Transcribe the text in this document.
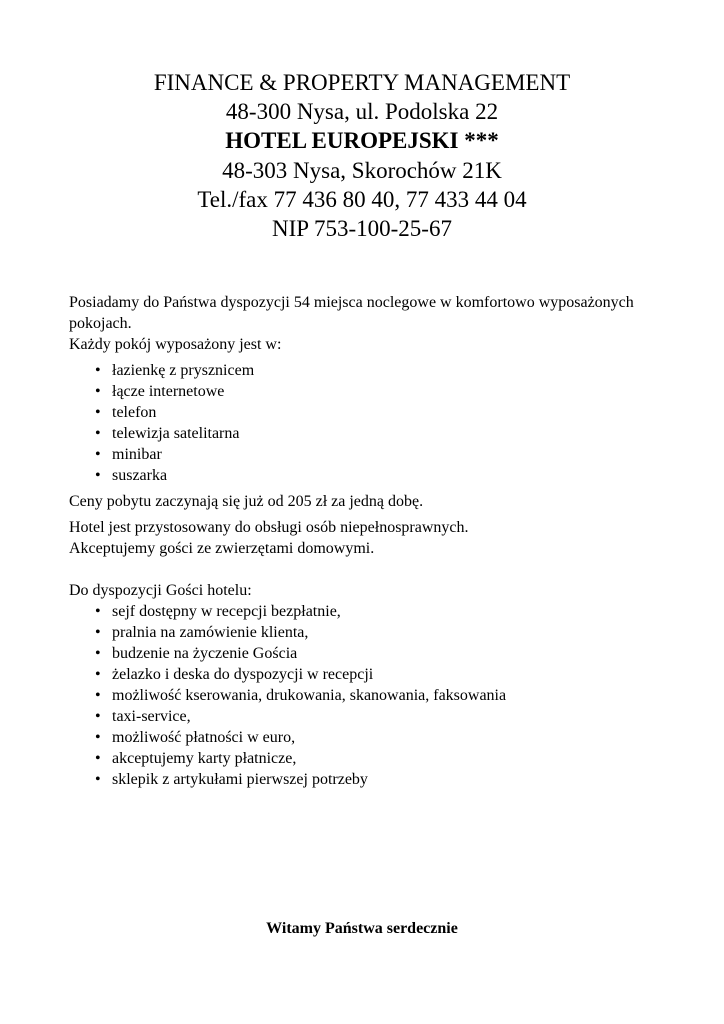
FINANCE & PROPERTY MANAGEMENT
48-300 Nysa, ul. Podolska 22
HOTEL EUROPEJSKI ***
48-303 Nysa, Skorochów 21K
Tel./fax 77 436 80 40, 77 433 44 04
NIP 753-100-25-67

Posiadamy do Państwa dyspozycji 54 miejsca noclegowe w komfortowo wyposażonych pokojach.

Każdy pokój wyposażony jest w:

• łazienkę z prysznicem
• łącze internetowe
• telefon
• telewizja satelitarna
• minibar
• suszarka

Ceny pobytu zaczynają się już od 205 zł za jedną dobę.

Hotel jest przystosowany do obsługi osób niepełnosprawnych.

Akceptujemy gości ze zwierzętami domowymi.

Do dyspozycji Gości hotelu:

• sejf dostępny w recepcji bezpłatnie,
• pralnia na zamówienie klienta,
• budzenie na życzenie Gościa
• żelazko i deska do dyspozycji w recepcji
• możliwość kserowania, drukowania, skanowania, faksowania
• taxi-service,
• możliwość płatności w euro,
• akceptujemy karty płatnicze,
• sklepik z artykułami pierwszej potrzeby
Witamy Państwa serdecznie
